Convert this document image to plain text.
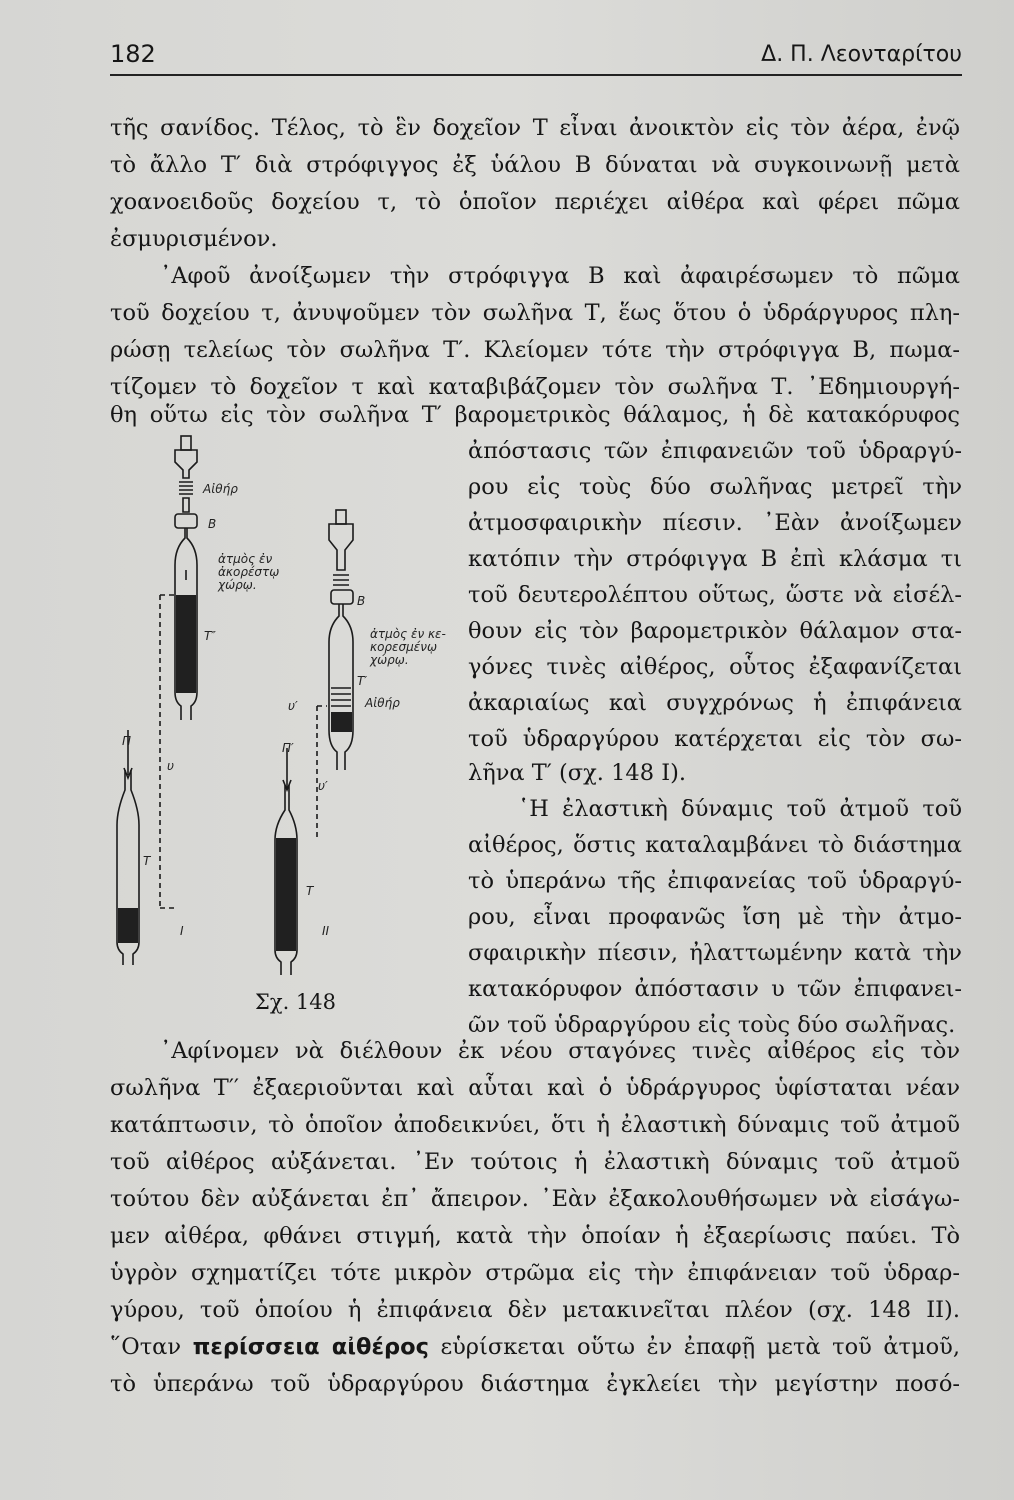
182	Δ. Π. Λεονταρίτου
τῆς σανίδος. Τέλος, τὸ ἓν δοχεῖον Τ εἶναι ἀνοικτὸν εἰς τὸν ἀέρα, ἐνῷ
τὸ ἄλλο Τ′ διὰ στρόφιγγος ἐξ ὑάλου Β δύναται νὰ συγκοινωνῇ μετὰ
χοανοειδοῦς δοχείου τ, τὸ ὁποῖον περιέχει αἰθέρα καὶ φέρει πῶμα
ἐσμυρισμένον.
᾿Αφοῦ ἀνοίξωμεν τὴν στρόφιγγα Β καὶ ἀφαιρέσωμεν τὸ πῶμα
τοῦ δοχείου τ, ἀνυψοῦμεν τὸν σωλῆνα Τ, ἕως ὅτου ὁ ὑδράργυρος πλη-
ρώσῃ τελείως τὸν σωλῆνα Τ′. Κλείομεν τότε τὴν στρόφιγγα Β, πωμα-
τίζομεν τὸ δοχεῖον τ καὶ καταβιβάζομεν τὸν σωλῆνα Τ. ᾿Εδημιουργή-
θη οὕτω εἰς τὸν σωλῆνα Τ′ βαρομετρικὸς θάλαμος, ἡ δὲ κατακόρυφος
ἀπόστασις τῶν ἐπιφανειῶν τοῦ ὑδραργύ-
ρου εἰς τοὺς δύο σωλῆνας μετρεῖ τὴν
ἀτμοσφαιρικὴν πίεσιν. ᾿Εὰν ἀνοίξωμεν
κατόπιν τὴν στρόφιγγα Β ἐπὶ κλάσμα τι
τοῦ δευτερολέπτου οὕτως, ὥστε νὰ εἰσέλ-
θουν εἰς τὸν βαρομετρικὸν θάλαμον στα-
γόνες τινὲς αἰθέρος, οὗτος ἐξαφανίζεται
ἀκαριαίως καὶ συγχρόνως ἡ ἐπιφάνεια
τοῦ ὑδραργύρου κατέρχεται εἰς τὸν σω-
λῆνα Τ′ (σχ. 148 Ι).
῾Η ἐλαστικὴ δύναμις τοῦ ἀτμοῦ τοῦ
αἰθέρος, ὅστις καταλαμβάνει τὸ διάστημα
τὸ ὑπεράνω τῆς ἐπιφανείας τοῦ ὑδραργύ-
ρου, εἶναι προφανῶς ἴση μὲ τὴν ἀτμο-
σφαιρικὴν πίεσιν, ἠλαττωμένην κατὰ τὴν
κατακόρυφον ἀπόστασιν υ τῶν ἐπιφανει-
ῶν τοῦ ὑδραργύρου εἰς τοὺς δύο σωλῆνας.
Αἰθήρ
B
ἀτμὸς ἐν
ἀκορέστῳ
χώρῳ.
T″
υ′
Π
υ
T
I
B
ἀτμὸς ἐν κε-
κορεσμένῳ
χώρῳ.
T′
Αἰθήρ
Π′
υ′
T
II
Σχ. 148
᾿Αφίνομεν νὰ διέλθουν ἐκ νέου σταγόνες τινὲς αἰθέρος εἰς τὸν
σωλῆνα Τ′′ ἐξαεριοῦνται καὶ αὗται καὶ ὁ ὑδράργυρος ὑφίσταται νέαν
κατάπτωσιν, τὸ ὁποῖον ἀποδεικνύει, ὅτι ἡ ἐλαστικὴ δύναμις τοῦ ἀτμοῦ
τοῦ αἰθέρος αὐξάνεται. ᾿Εν τούτοις ἡ ἐλαστικὴ δύναμις τοῦ ἀτμοῦ
τούτου δὲν αὐξάνεται ἐπ᾿ ἄπειρον. ᾿Εὰν ἐξακολουθήσωμεν νὰ εἰσάγω-
μεν αἰθέρα, φθάνει στιγμή, κατὰ τὴν ὁποίαν ἡ ἐξαερίωσις παύει. Τὸ
ὑγρὸν σχηματίζει τότε μικρὸν στρῶμα εἰς τὴν ἐπιφάνειαν τοῦ ὑδραρ-
γύρου, τοῦ ὁποίου ἡ ἐπιφάνεια δὲν μετακινεῖται πλέον (σχ. 148 ΙΙ).
῞Οταν περίσσεια αἰθέρος εὑρίσκεται οὕτω ἐν ἐπαφῇ μετὰ τοῦ ἀτμοῦ,
τὸ ὑπεράνω τοῦ ὑδραργύρου διάστημα ἐγκλείει τὴν μεγίστην ποσό-
